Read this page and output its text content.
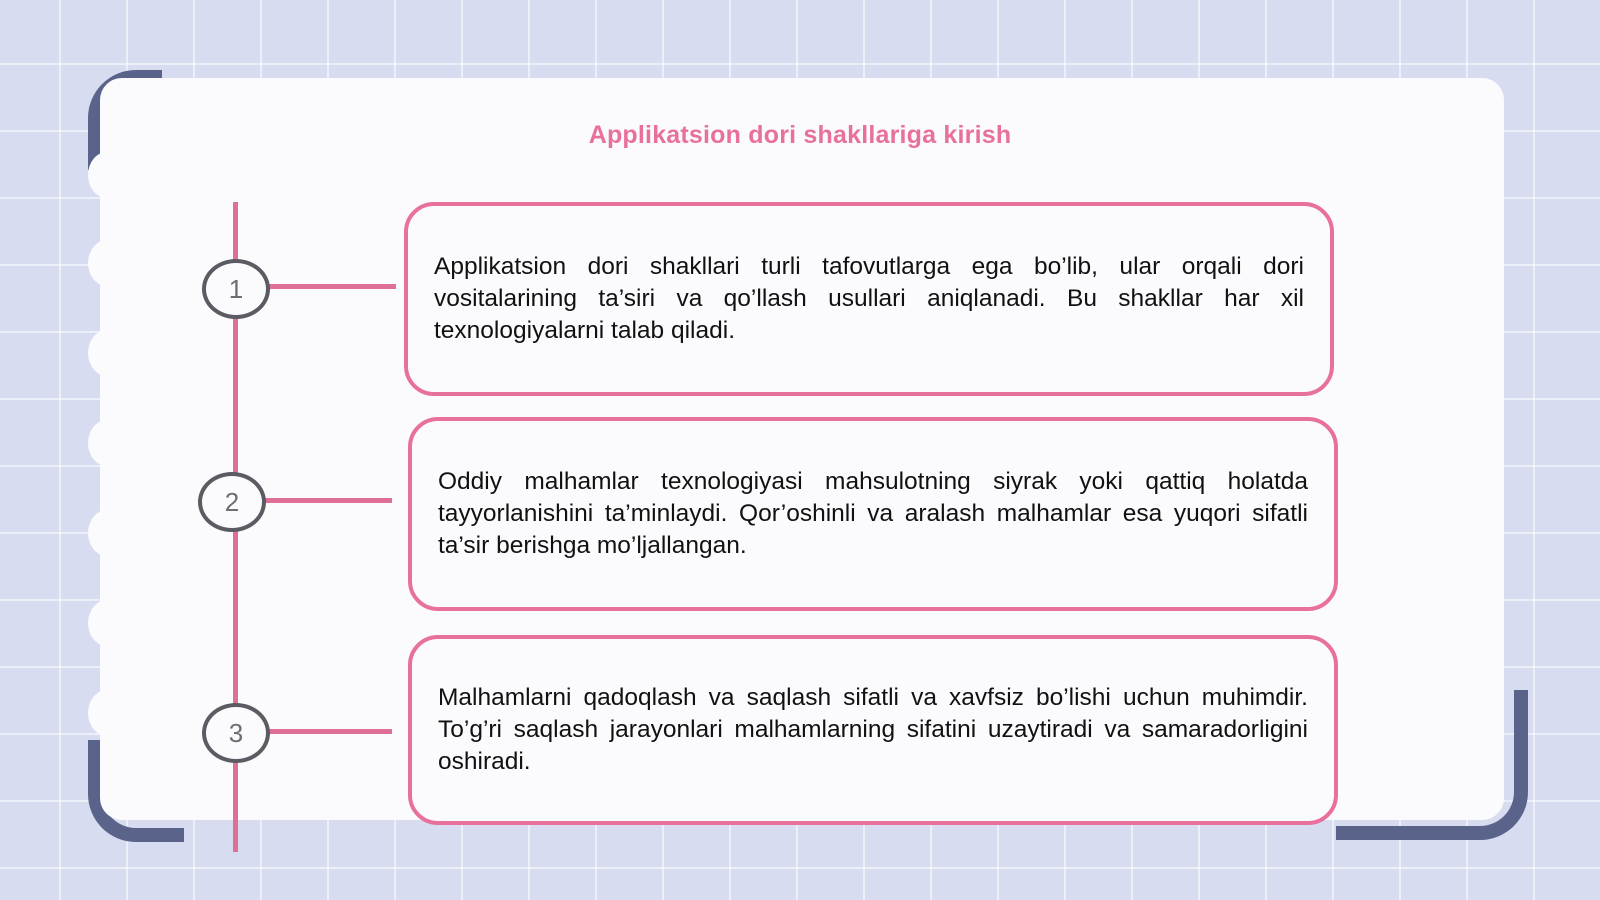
Applikatsion dori shakllariga kirish
1
2
3
Applikatsion dori shakllari turli tafovutlarga ega bo’lib, ular orqali dori vositalarining ta’siri va qo’llash usullari aniqlanadi. Bu shakllar har xil texnologiyalarni talab qiladi.
Oddiy malhamlar texnologiyasi mahsulotning siyrak yoki qattiq holatda tayyorlanishini ta’minlaydi. Qor’oshinli va aralash malhamlar esa yuqori sifatli ta’sir berishga mo’ljallangan.
Malhamlarni qadoqlash va saqlash sifatli va xavfsiz bo’lishi uchun muhimdir. To’g’ri saqlash jarayonlari malhamlarning sifatini uzaytiradi va samaradorligini oshiradi.
